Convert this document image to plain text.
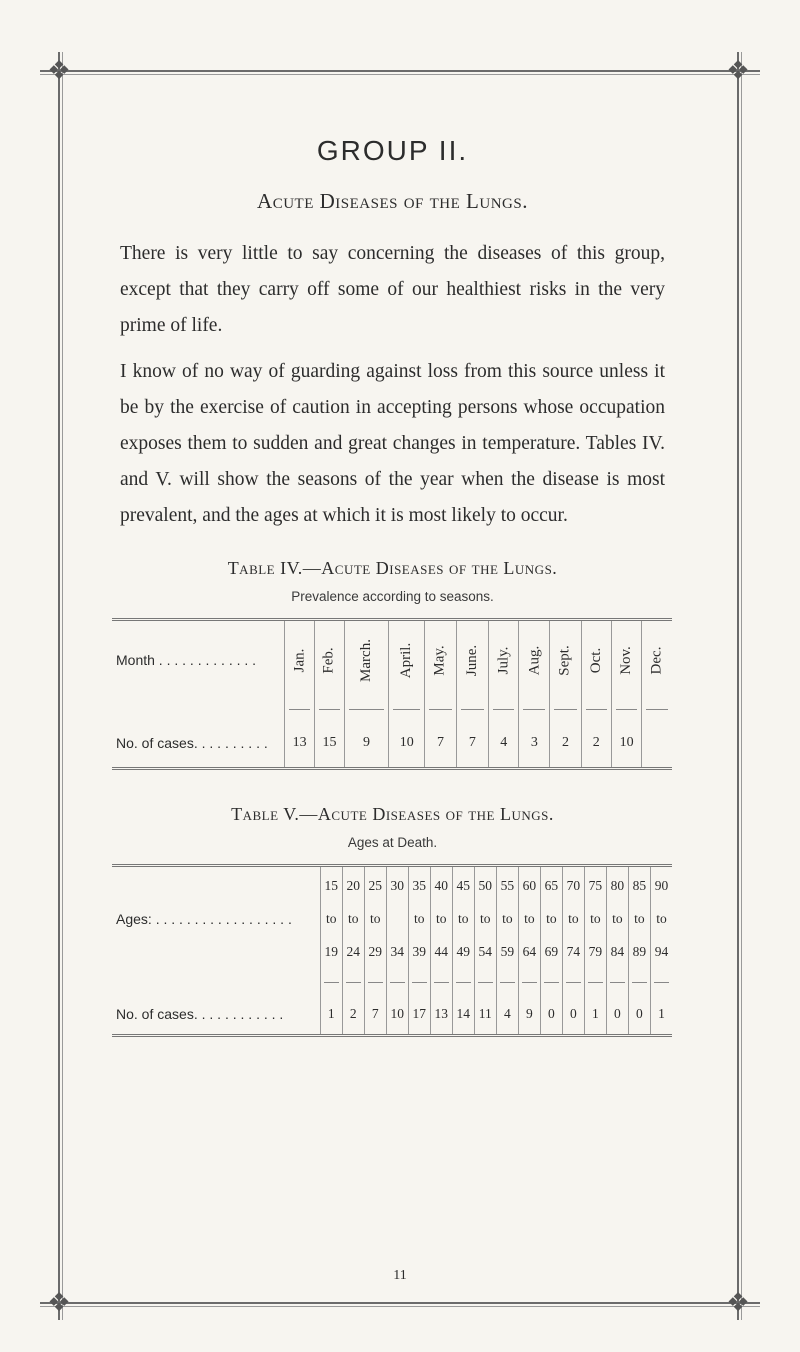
❖	❖
❖	❖
GROUP II.
Acute Diseases of the Lungs.

There is very little to say concerning the diseases of this group, except that they carry off some of our healthiest risks in the very prime of life.

I know of no way of guarding against loss from this source unless it be by the exercise of caution in accepting persons whose occupation exposes them to sudden and great changes in temperature. Tables IV. and V. will show the seasons of the year when the disease is most prevalent, and the ages at which it is most likely to occur.

Table IV.—Acute Diseases of the Lungs.
Prevalence according to seasons.
Month . . . . . . . . . . . . .	Jan.	Feb.	March.	April.	May.	June.	July.	Aug.	Sept.	Oct.	Nov.	Dec.

No. of cases. . . . . . . . . .	13	15	9	10	7	7	4	3	2	2	10	
Table V.—Acute Diseases of the Lungs.
Ages at Death.
	15	20	25	30	35	40	45	50	55	60	65	70	75	80	85	90
Ages: . . . . . . . . . . . . . . . . . .	to	to	to		to	to	to	to	to	to	to	to	to	to	to	to
	19	24	29	34	39	44	49	54	59	64	69	74	79	84	89	94

No. of cases. . . . . . . . . . . .	1	2	7	10	17	13	14	11	4	9	0	0	1	0	0	1
11
